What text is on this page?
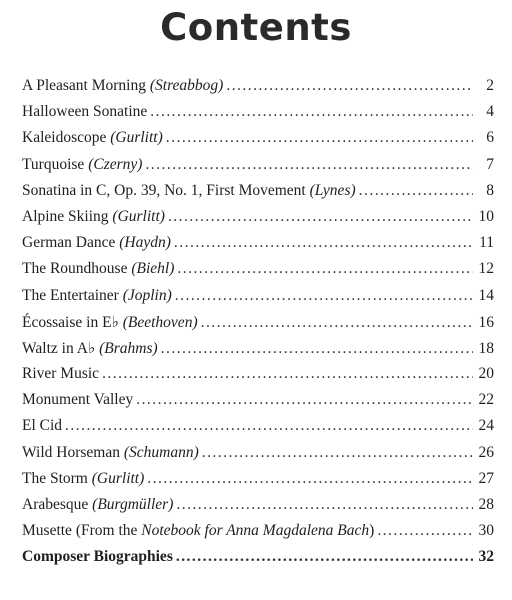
Contents
A Pleasant Morning (Streabbog) . . .	2
Halloween Sonatine . . .	4
Kaleidoscope (Gurlitt) . . .	6
Turquoise (Czerny) . . .	7
Sonatina in C, Op. 39, No. 1, First Movement (Lynes) . . .	8
Alpine Skiing (Gurlitt) . . .	10
German Dance (Haydn) . . .	11
The Roundhouse (Biehl) . . .	12
The Entertainer (Joplin) . . .	14
Écossaise in E♭ (Beethoven) . . .	16
Waltz in A♭ (Brahms) . . .	18
River Music . . .	20
Monument Valley . . .	22
El Cid . . .	24
Wild Horseman (Schumann) . . .	26
The Storm (Gurlitt) . . .	27
Arabesque (Burgmüller) . . .	28
Musette (From the Notebook for Anna Magdalena Bach) . . .	30
Composer Biographies . . .	32
